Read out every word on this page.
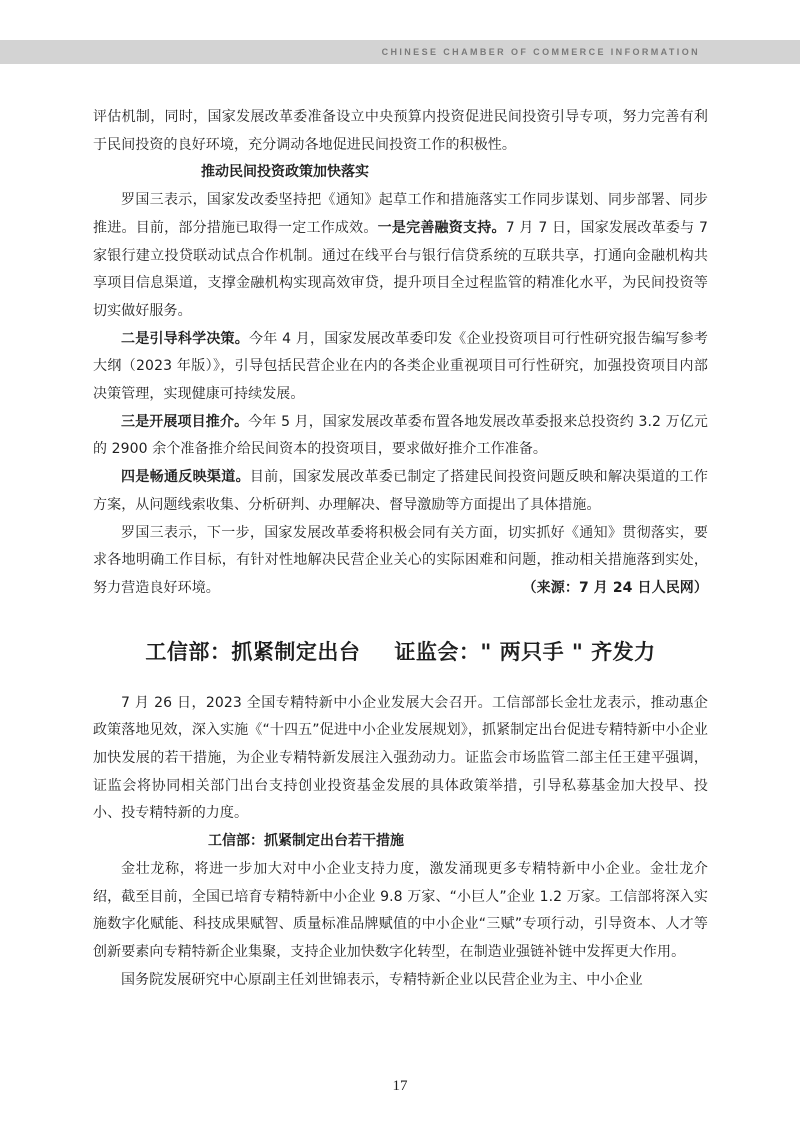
CHINESE CHAMBER OF COMMERCE INFORMATION

评估机制，同时，国家发展改革委准备设立中央预算内投资促进民间投资引导专项，努力完善有利于民间投资的良好环境，充分调动各地促进民间投资工作的积极性。

推动民间投资政策加快落实

罗国三表示，国家发改委坚持把《通知》起草工作和措施落实工作同步谋划、同步部署、同步推进。目前，部分措施已取得一定工作成效。一是完善融资支持。7 月 7 日，国家发展改革委与 7 家银行建立投贷联动试点合作机制。通过在线平台与银行信贷系统的互联共享，打通向金融机构共享项目信息渠道，支撑金融机构实现高效审贷，提升项目全过程监管的精准化水平，为民间投资等切实做好服务。

二是引导科学决策。今年 4 月，国家发展改革委印发《企业投资项目可行性研究报告编写参考大纲（2023 年版）》，引导包括民营企业在内的各类企业重视项目可行性研究，加强投资项目内部决策管理，实现健康可持续发展。

三是开展项目推介。今年 5 月，国家发展改革委布置各地发展改革委报来总投资约 3.2 万亿元的 2900 余个准备推介给民间资本的投资项目，要求做好推介工作准备。

四是畅通反映渠道。目前，国家发展改革委已制定了搭建民间投资问题反映和解决渠道的工作方案，从问题线索收集、分析研判、办理解决、督导激励等方面提出了具体措施。

罗国三表示，下一步，国家发展改革委将积极会同有关方面，切实抓好《通知》贯彻落实，要求各地明确工作目标，有针对性地解决民营企业关心的实际困难和问题，推动相关措施落到实处，努力营造良好环境。	（来源：7 月 24 日人民网）

工信部：抓紧制定出台 证监会：" 两只手 " 齐发力

7 月 26 日，2023 全国专精特新中小企业发展大会召开。工信部部长金壮龙表示，推动惠企政策落地见效，深入实施《“十四五”促进中小企业发展规划》，抓紧制定出台促进专精特新中小企业加快发展的若干措施，为企业专精特新发展注入强劲动力。证监会市场监管二部主任王建平强调，证监会将协同相关部门出台支持创业投资基金发展的具体政策举措，引导私募基金加大投早、投小、投专精特新的力度。

工信部：抓紧制定出台若干措施

金壮龙称，将进一步加大对中小企业支持力度，激发涌现更多专精特新中小企业。金壮龙介绍，截至目前，全国已培育专精特新中小企业 9.8 万家、“小巨人”企业 1.2 万家。工信部将深入实施数字化赋能、科技成果赋智、质量标准品牌赋值的中小企业“三赋”专项行动，引导资本、人才等创新要素向专精特新企业集聚，支持企业加快数字化转型，在制造业强链补链中发挥更大作用。

国务院发展研究中心原副主任刘世锦表示，专精特新企业以民营企业为主、中小企业

17
